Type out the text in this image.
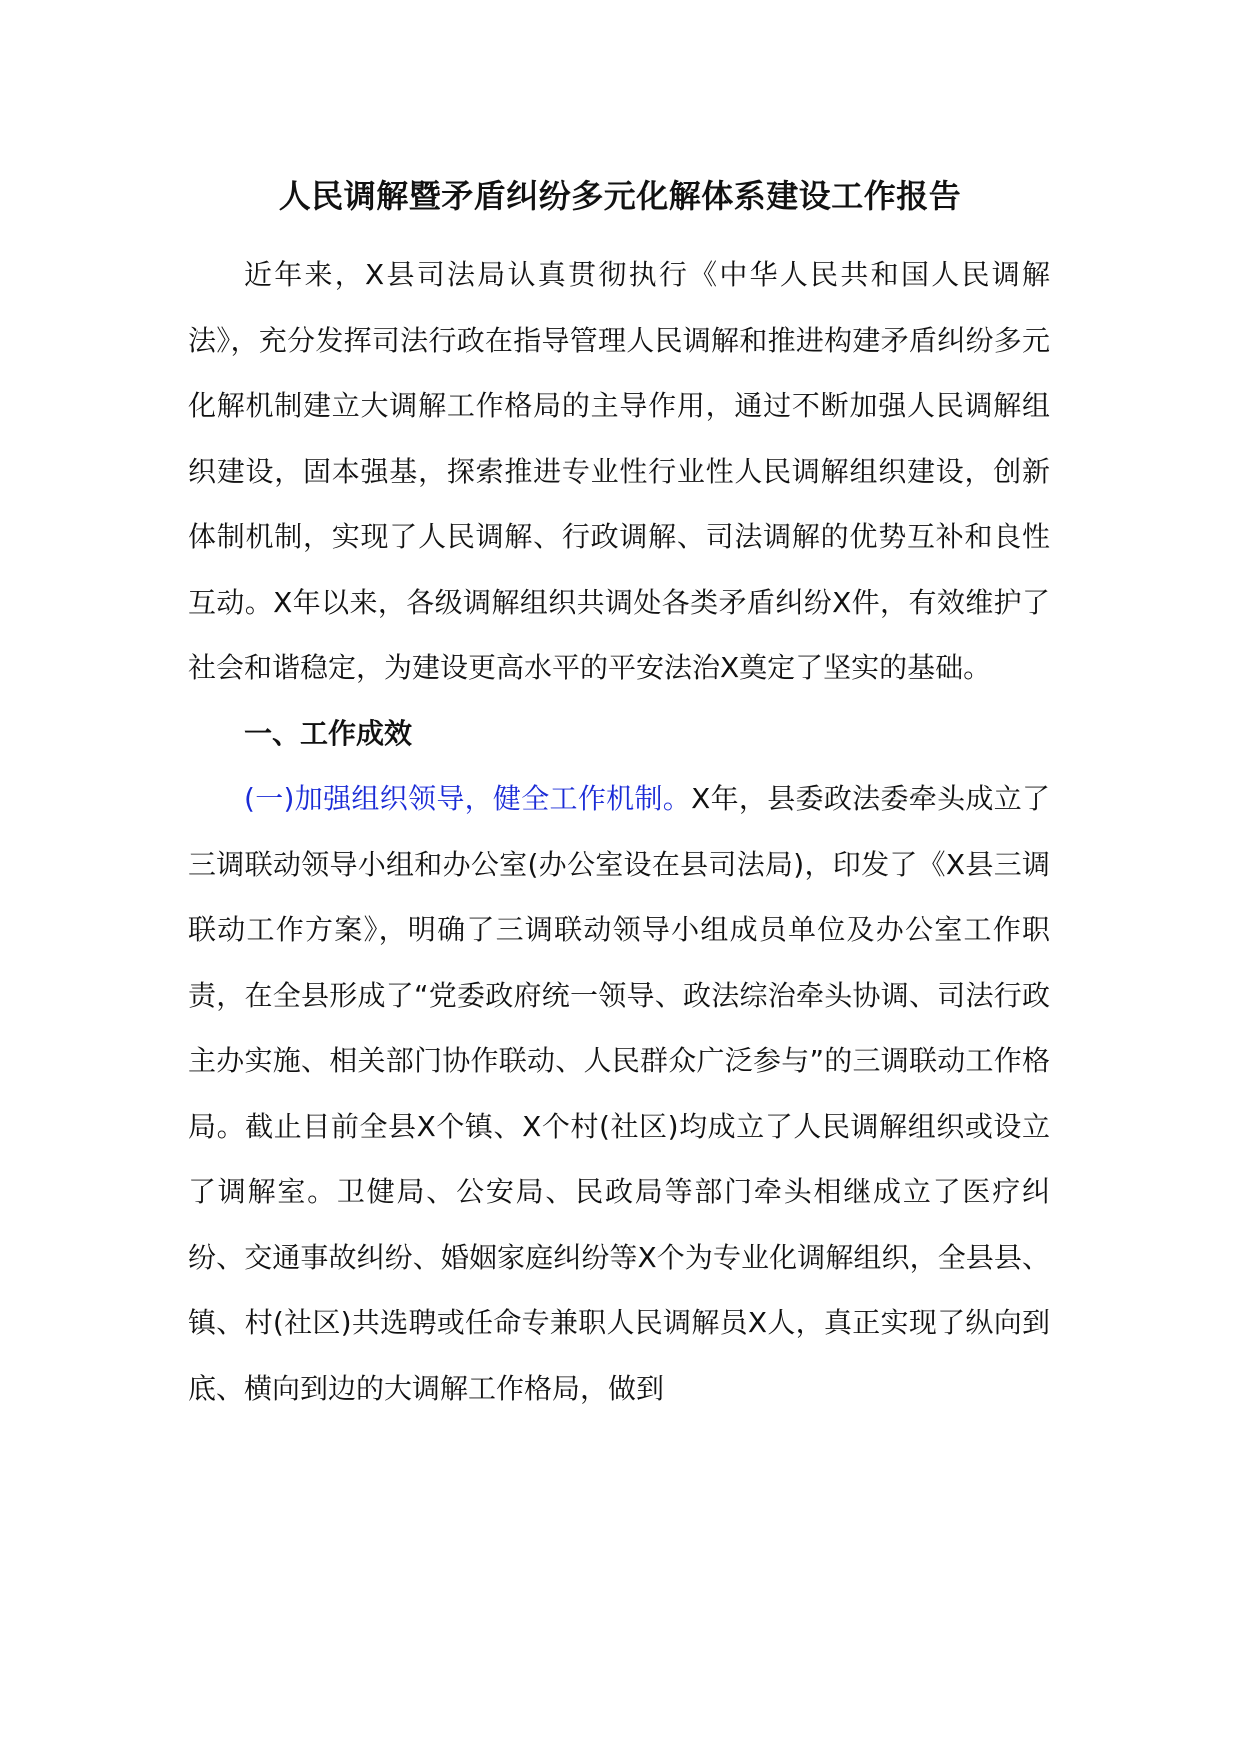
人民调解暨矛盾纠纷多元化解体系建设工作报告

近年来，X县司法局认真贯彻执行《中华人民共和国人民调解法》，充分发挥司法行政在指导管理人民调解和推进构建矛盾纠纷多元化解机制建立大调解工作格局的主导作用，通过不断加强人民调解组织建设，固本强基，探索推进专业性行业性人民调解组织建设，创新体制机制，实现了人民调解、行政调解、司法调解的优势互补和良性互动。X年以来，各级调解组织共调处各类矛盾纠纷X件，有效维护了社会和谐稳定，为建设更高水平的平安法治X奠定了坚实的基础。

一、工作成效

(一)加强组织领导，健全工作机制。X年，县委政法委牵头成立了三调联动领导小组和办公室(办公室设在县司法局)，印发了《X县三调联动工作方案》，明确了三调联动领导小组成员单位及办公室工作职责，在全县形成了“党委政府统一领导、政法综治牵头协调、司法行政主办实施、相关部门协作联动、人民群众广泛参与”的三调联动工作格局。截止目前全县X个镇、X个村(社区)均成立了人民调解组织或设立了调解室。卫健局、公安局、民政局等部门牵头相继成立了医疗纠纷、交通事故纠纷、婚姻家庭纠纷等X个为专业化调解组织，全县县、镇、村(社区)共选聘或任命专兼职人民调解员X人，真正实现了纵向到底、横向到边的大调解工作格局，做到
